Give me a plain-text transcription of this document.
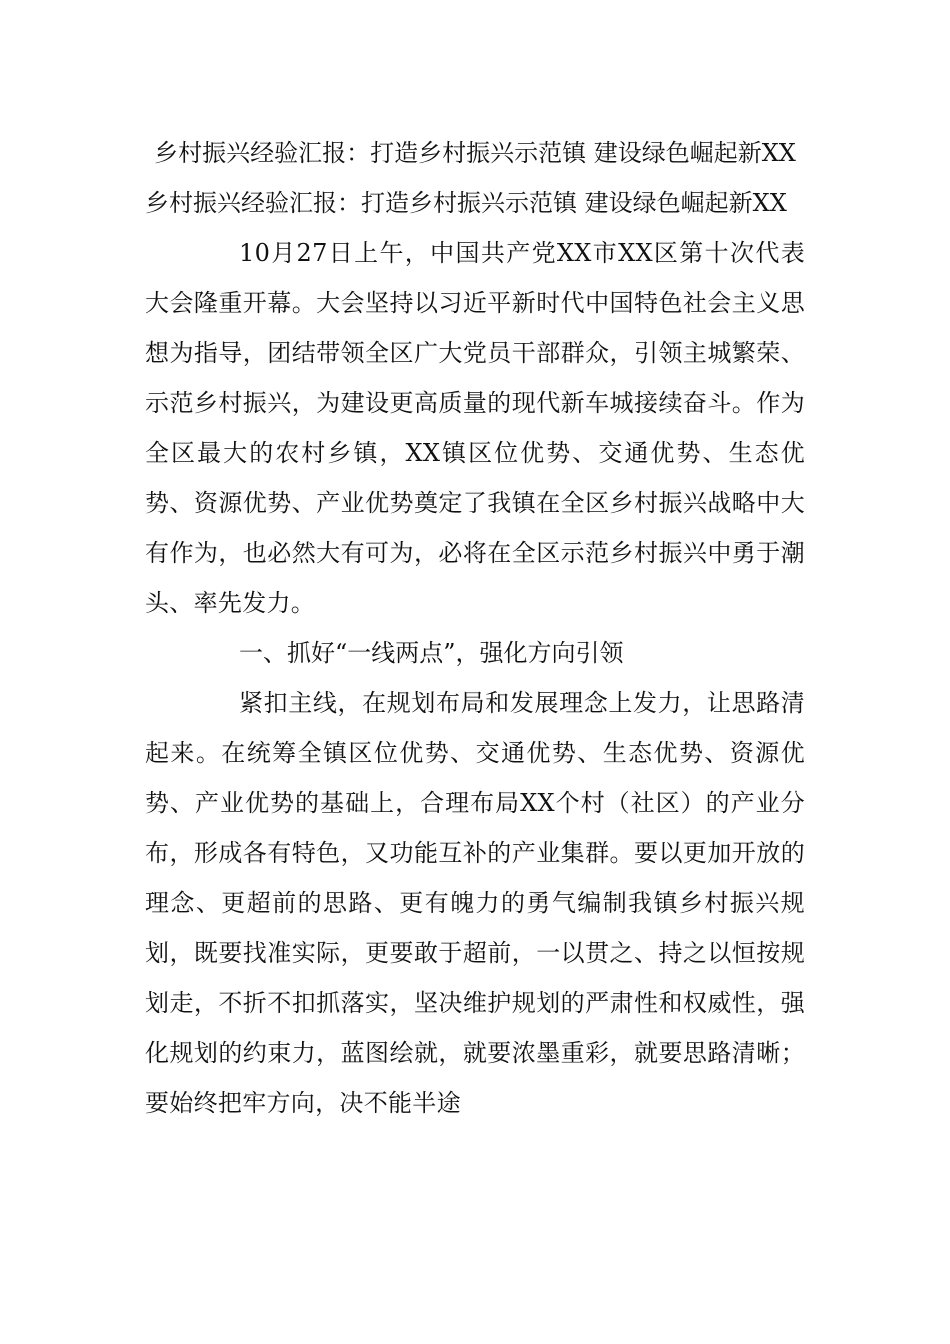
乡村振兴经验汇报：打造乡村振兴示范镇 建设绿色崛起新XX
乡村振兴经验汇报：打造乡村振兴示范镇 建设绿色崛起新XX

10月27日上午，中国共产党XX市XX区第十次代表大会隆重开幕。大会坚持以习近平新时代中国特色社会主义思想为指导，团结带领全区广大党员干部群众，引领主城繁荣、示范乡村振兴，为建设更高质量的现代新车城接续奋斗。作为全区最大的农村乡镇，XX镇区位优势、交通优势、生态优势、资源优势、产业优势奠定了我镇在全区乡村振兴战略中大有作为，也必然大有可为，必将在全区示范乡村振兴中勇于潮头、率先发力。

一、抓好“一线两点”，强化方向引领

紧扣主线，在规划布局和发展理念上发力，让思路清起来。在统筹全镇区位优势、交通优势、生态优势、资源优势、产业优势的基础上，合理布局XX个村（社区）的产业分布，形成各有特色，又功能互补的产业集群。要以更加开放的理念、更超前的思路、更有魄力的勇气编制我镇乡村振兴规划，既要找准实际，更要敢于超前，一以贯之、持之以恒按规划走，不折不扣抓落实，坚决维护规划的严肃性和权威性，强化规划的约束力，蓝图绘就，就要浓墨重彩，就要思路清晰；要始终把牢方向，决不能半途
